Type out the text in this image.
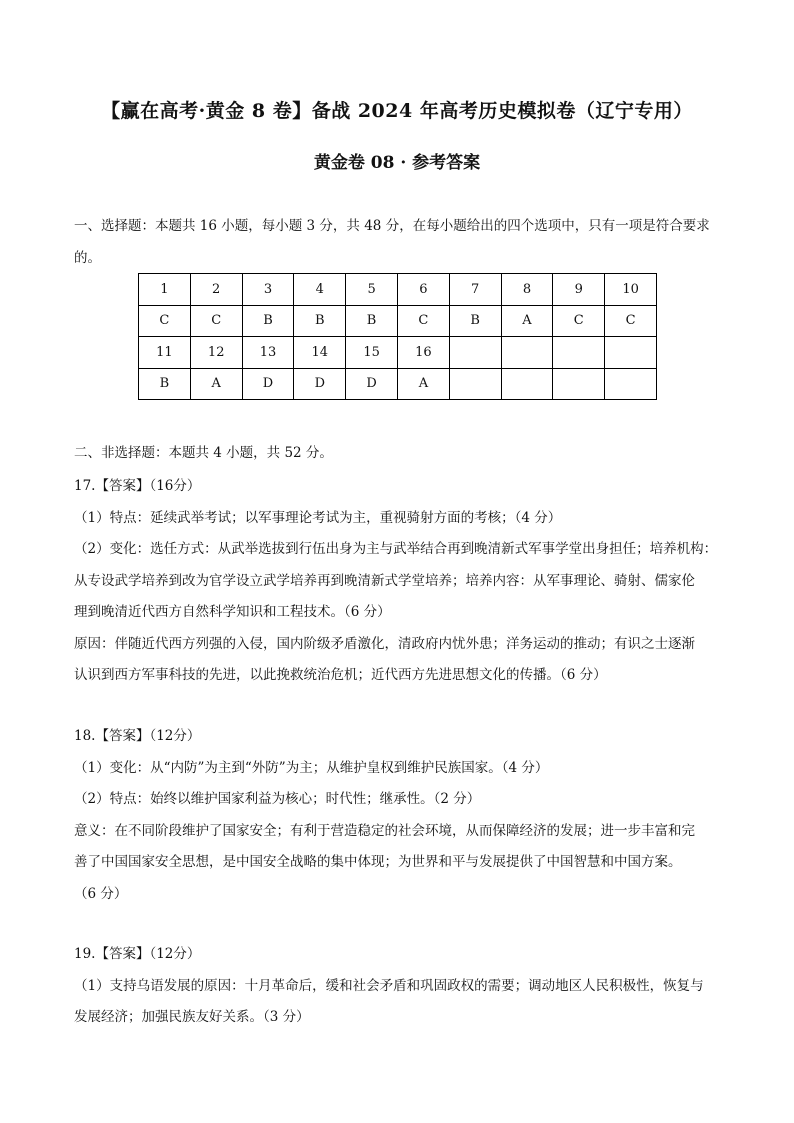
【赢在高考·黄金 8 卷】备战 2024 年高考历史模拟卷（辽宁专用）
黄金卷 08 · 参考答案
一、选择题：本题共 16 小题，每小题 3 分，共 48 分，在每小题给出的四个选项中，只有一项是符合要求
的。
1	2	3	4	5	6	7	8	9	10
C	C	B	B	B	C	B	A	C	C
11	12	13	14	15	16				
B	A	D	D	D	A				
二、非选择题：本题共 4 小题，共 52 分。
17.【答案】（16分）
（1）特点：延续武举考试；以军事理论考试为主，重视骑射方面的考核；（4 分）
（2）变化：选任方式：从武举选拔到行伍出身为主与武举结合再到晚清新式军事学堂出身担任；培养机构：
从专设武学培养到改为官学设立武学培养再到晚清新式学堂培养；培养内容：从军事理论、骑射、儒家伦
理到晚清近代西方自然科学知识和工程技术。（6 分）
原因：伴随近代西方列强的入侵，国内阶级矛盾激化，清政府内忧外患；洋务运动的推动；有识之士逐渐
认识到西方军事科技的先进，以此挽救统治危机；近代西方先进思想文化的传播。（6 分）
18.【答案】（12分）
（1）变化：从“内防”为主到“外防”为主；从维护皇权到维护民族国家。（4 分）
（2）特点：始终以维护国家利益为核心；时代性；继承性。（2 分）
意义：在不同阶段维护了国家安全；有利于营造稳定的社会环境，从而保障经济的发展；进一步丰富和完
善了中国国家安全思想，是中国安全战略的集中体现；为世界和平与发展提供了中国智慧和中国方案。
（6 分）
19.【答案】（12分）
（1）支持乌语发展的原因：十月革命后，缓和社会矛盾和巩固政权的需要；调动地区人民积极性，恢复与
发展经济；加强民族友好关系。（3 分）
